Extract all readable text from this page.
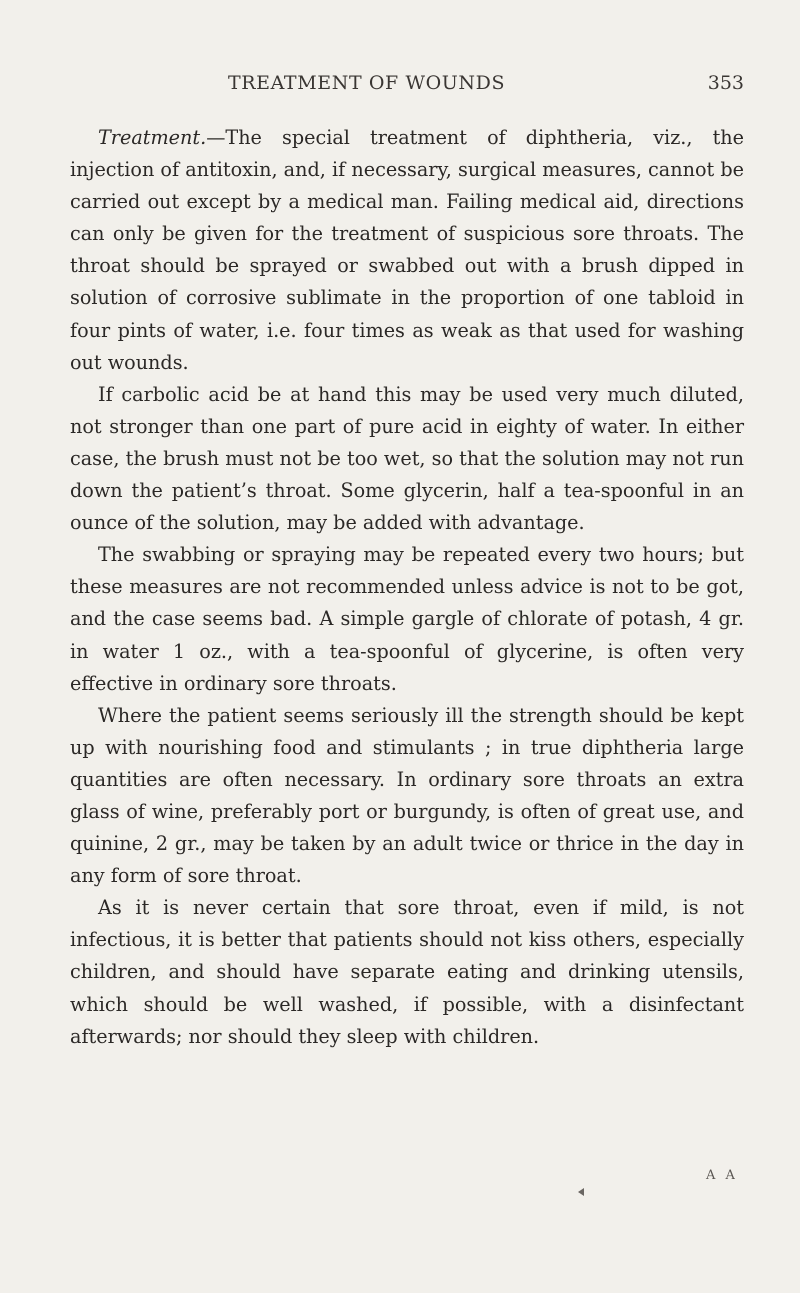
TREATMENT OF WOUNDS	353

Treatment.—The special treatment of diphtheria, viz., the injection of antitoxin, and, if necessary, surgical measures, cannot be carried out except by a medical man. Failing medical aid, directions can only be given for the treatment of suspicious sore throats. The throat should be sprayed or swabbed out with a brush dipped in solution of corrosive sublimate in the proportion of one tabloid in four pints of water, i.e. four times as weak as that used for washing out wounds.

If carbolic acid be at hand this may be used very much diluted, not stronger than one part of pure acid in eighty of water. In either case, the brush must not be too wet, so that the solution may not run down the patient’s throat. Some glycerin, half a tea-spoonful in an ounce of the solution, may be added with advantage.

The swabbing or spraying may be repeated every two hours; but these measures are not recommended unless advice is not to be got, and the case seems bad. A simple gargle of chlorate of potash, 4 gr. in water 1 oz., with a tea-spoonful of glycerine, is often very effective in ordinary sore throats.

Where the patient seems seriously ill the strength should be kept up with nourishing food and stimulants ; in true diphtheria large quantities are often necessary. In ordinary sore throats an extra glass of wine, preferably port or burgundy, is often of great use, and quinine, 2 gr., may be taken by an adult twice or thrice in the day in any form of sore throat.

As it is never certain that sore throat, even if mild, is not infectious, it is better that patients should not kiss others, especially children, and should have separate eating and drinking utensils, which should be well washed, if possible, with a disinfectant afterwards; nor should they sleep with children.

A A
